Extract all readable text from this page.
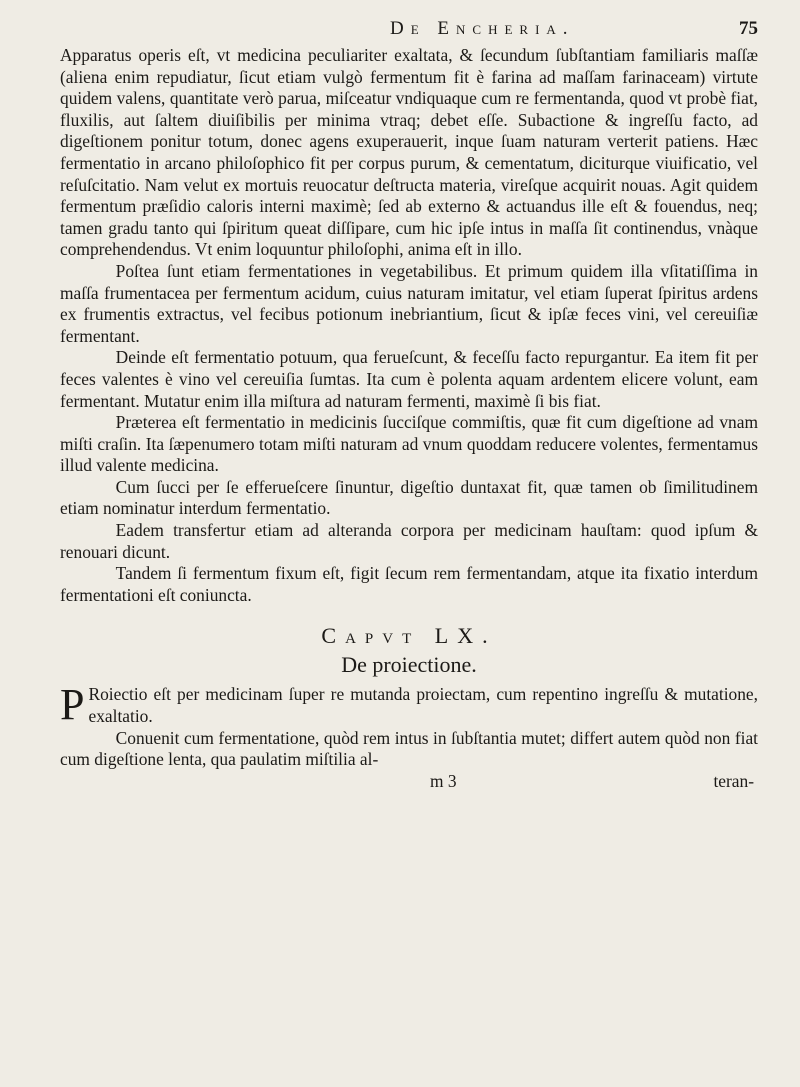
De Encheria.	75

Apparatus operis eſt, vt medicina peculiariter exaltata, & ſecundum ſubſtantiam familiaris maſſæ (aliena enim repudiatur, ſicut etiam vulgò fermentum fit è farina ad maſſam farinaceam) virtute quidem valens, quantitate verò parua, miſceatur vndiquaque cum re fermentanda, quod vt probè fiat, fluxilis, aut ſaltem diuiſibilis per minima vtraq; debet eſſe. Subactione & ingreſſu facto, ad digeſtionem ponitur totum, donec agens exuperauerit, inque ſuam naturam verterit patiens. Hæc fermentatio in arcano philoſophico fit per corpus purum, & cementatum, diciturque viuificatio, vel reſuſcitatio. Nam velut ex mortuis reuocatur deſtructa materia, vireſque acquirit nouas. Agit quidem fermentum præſidio caloris interni maximè; ſed ab externo & actuandus ille eſt & fouendus, neq; tamen gradu tanto qui ſpiritum queat diſſipare, cum hic ipſe intus in maſſa ſit continendus, vnàque comprehendendus. Vt enim loquuntur philoſophi, anima eſt in illo.

Poſtea ſunt etiam fermentationes in vegetabilibus. Et primum quidem illa vſitatiſſima in maſſa frumentacea per fermentum acidum, cuius naturam imitatur, vel etiam ſuperat ſpiritus ardens ex frumentis extractus, vel fecibus potionum inebriantium, ſicut & ipſæ feces vini, vel cereuiſiæ fermentant.

Deinde eſt fermentatio potuum, qua ferueſcunt, & feceſſu facto repurgantur. Ea item fit per feces valentes è vino vel cereuiſia ſumtas. Ita cum è polenta aquam ardentem elicere volunt, eam fermentant. Mutatur enim illa miſtura ad naturam fermenti, maximè ſi bis fiat.

Præterea eſt fermentatio in medicinis ſucciſque commiſtis, quæ fit cum digeſtione ad vnam miſti craſin. Ita ſæpenumero totam miſti naturam ad vnum quoddam reducere volentes, fermentamus illud valente medicina.

Cum ſucci per ſe efferueſcere ſinuntur, digeſtio duntaxat fit, quæ tamen ob ſimilitudinem etiam nominatur interdum fermentatio.

Eadem transfertur etiam ad alteranda corpora per medicinam hauſtam: quod ipſum & renouari dicunt.

Tandem ſi fermentum fixum eſt, figit ſecum rem fermentandam, atque ita fixatio interdum fermentationi eſt coniuncta.

Capvt LX.
De proiectione.

P Roiectio eſt per medicinam ſuper re mutanda proiectam, cum repentino ingreſſu & mutatione, exaltatio.

Conuenit cum fermentatione, quòd rem intus in ſubſtantia mutet; differt autem quòd non fiat cum digeſtione lenta, qua paulatim miſtilia al-

m 3	teran-
